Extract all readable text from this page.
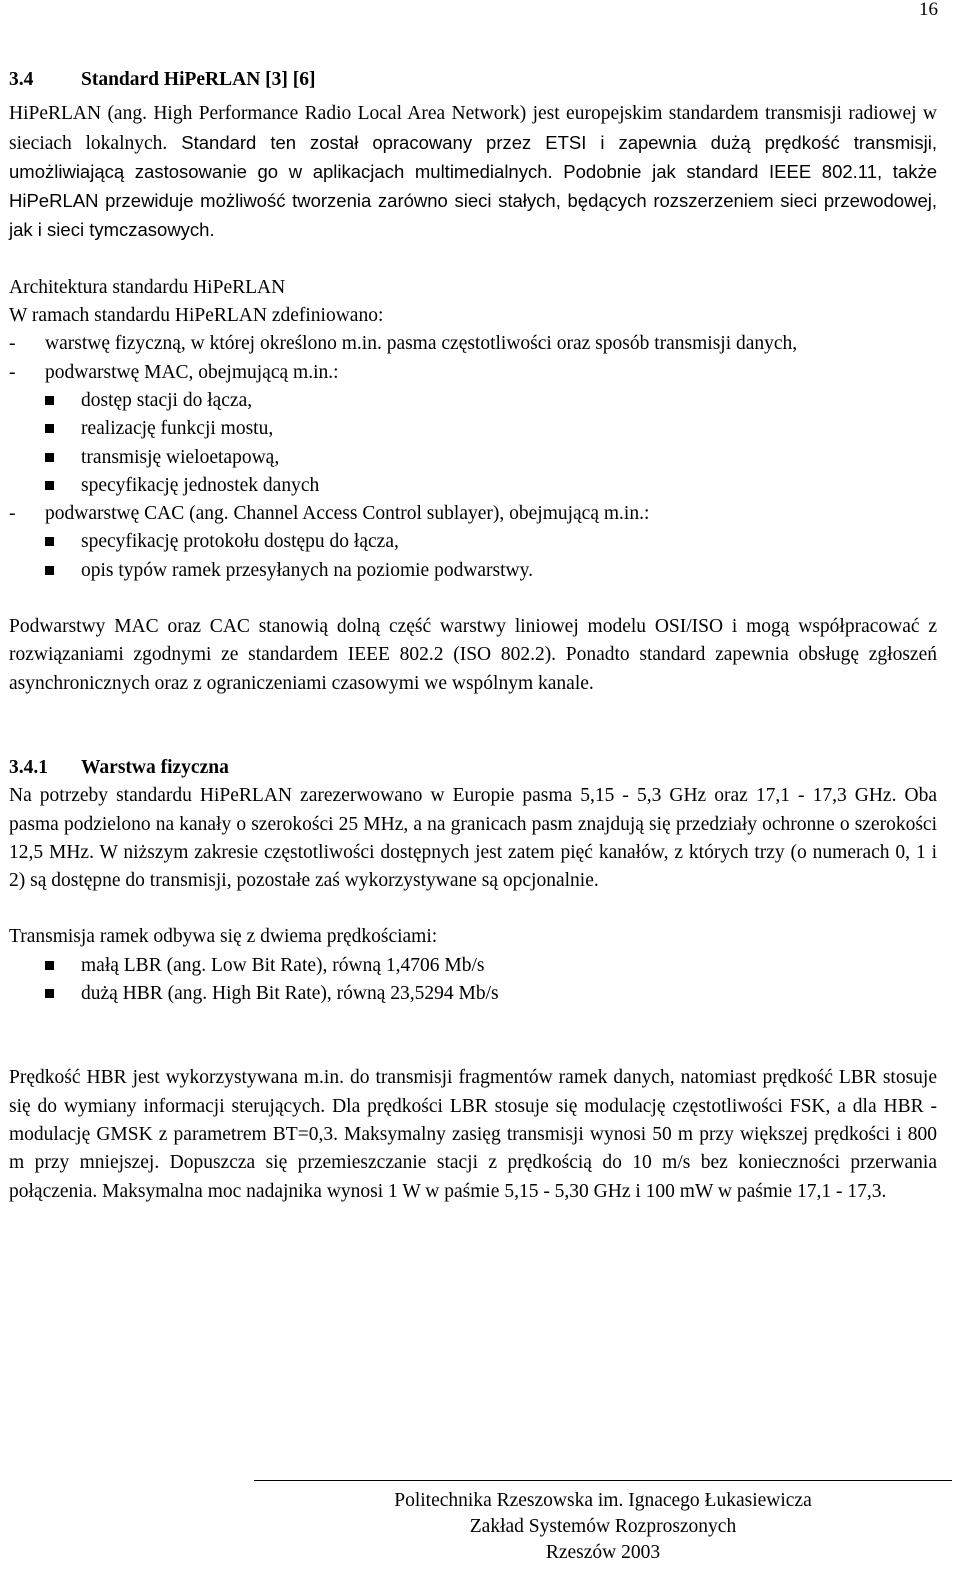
16
3.4 Standard HiPeRLAN [3] [6]

HiPeRLAN (ang. High Performance Radio Local Area Network) jest europejskim standardem transmisji radiowej w sieciach lokalnych. Standard ten został opracowany przez ETSI i zapewnia dużą prędkość transmisji, umożliwiającą zastosowanie go w aplikacjach multimedialnych. Podobnie jak standard IEEE 802.11, także HiPeRLAN przewiduje możliwość tworzenia zarówno sieci stałych, będących rozszerzeniem sieci przewodowej, jak i sieci tymczasowych.

Architektura standardu HiPeRLAN
W ramach standardu HiPeRLAN zdefiniowano:
- warstwę fizyczną, w której określono m.in. pasma częstotliwości oraz sposób transmisji danych,
- podwarstwę MAC, obejmującą m.in.:
dostęp stacji do łącza,
realizację funkcji mostu,
transmisję wieloetapową,
specyfikację jednostek danych
- podwarstwę CAC (ang. Channel Access Control sublayer), obejmującą m.in.:
specyfikację protokołu dostępu do łącza,
opis typów ramek przesyłanych na poziomie podwarstwy.

Podwarstwy MAC oraz CAC stanowią dolną część warstwy liniowej modelu OSI/ISO i mogą współpracować z rozwiązaniami zgodnymi ze standardem IEEE 802.2 (ISO 802.2). Ponadto standard zapewnia obsługę zgłoszeń asynchronicznych oraz z ograniczeniami czasowymi we wspólnym kanale.

3.4.1 Warstwa fizyczna

Na potrzeby standardu HiPeRLAN zarezerwowano w Europie pasma 5,15 - 5,3 GHz oraz 17,1 - 17,3 GHz. Oba pasma podzielono na kanały o szerokości 25 MHz, a na granicach pasm znajdują się przedziały ochronne o szerokości 12,5 MHz. W niższym zakresie częstotliwości dostępnych jest zatem pięć kanałów, z których trzy (o numerach 0, 1 i 2) są dostępne do transmisji, pozostałe zaś wykorzystywane są opcjonalnie.

Transmisja ramek odbywa się z dwiema prędkościami:
małą LBR (ang. Low Bit Rate), równą 1,4706 Mb/s
dużą HBR (ang. High Bit Rate), równą 23,5294 Mb/s

Prędkość HBR jest wykorzystywana m.in. do transmisji fragmentów ramek danych, natomiast prędkość LBR stosuje się do wymiany informacji sterujących. Dla prędkości LBR stosuje się modulację częstotliwości FSK, a dla HBR - modulację GMSK z parametrem BT=0,3. Maksymalny zasięg transmisji wynosi 50 m przy większej prędkości i 800 m przy mniejszej. Dopuszcza się przemieszczanie stacji z prędkością do 10 m/s bez konieczności przerwania połączenia. Maksymalna moc nadajnika wynosi 1 W w paśmie 5,15 - 5,30 GHz i 100 mW w paśmie 17,1 - 17,3.

Politechnika Rzeszowska im. Ignacego Łukasiewicza
Zakład Systemów Rozproszonych
Rzeszów 2003
